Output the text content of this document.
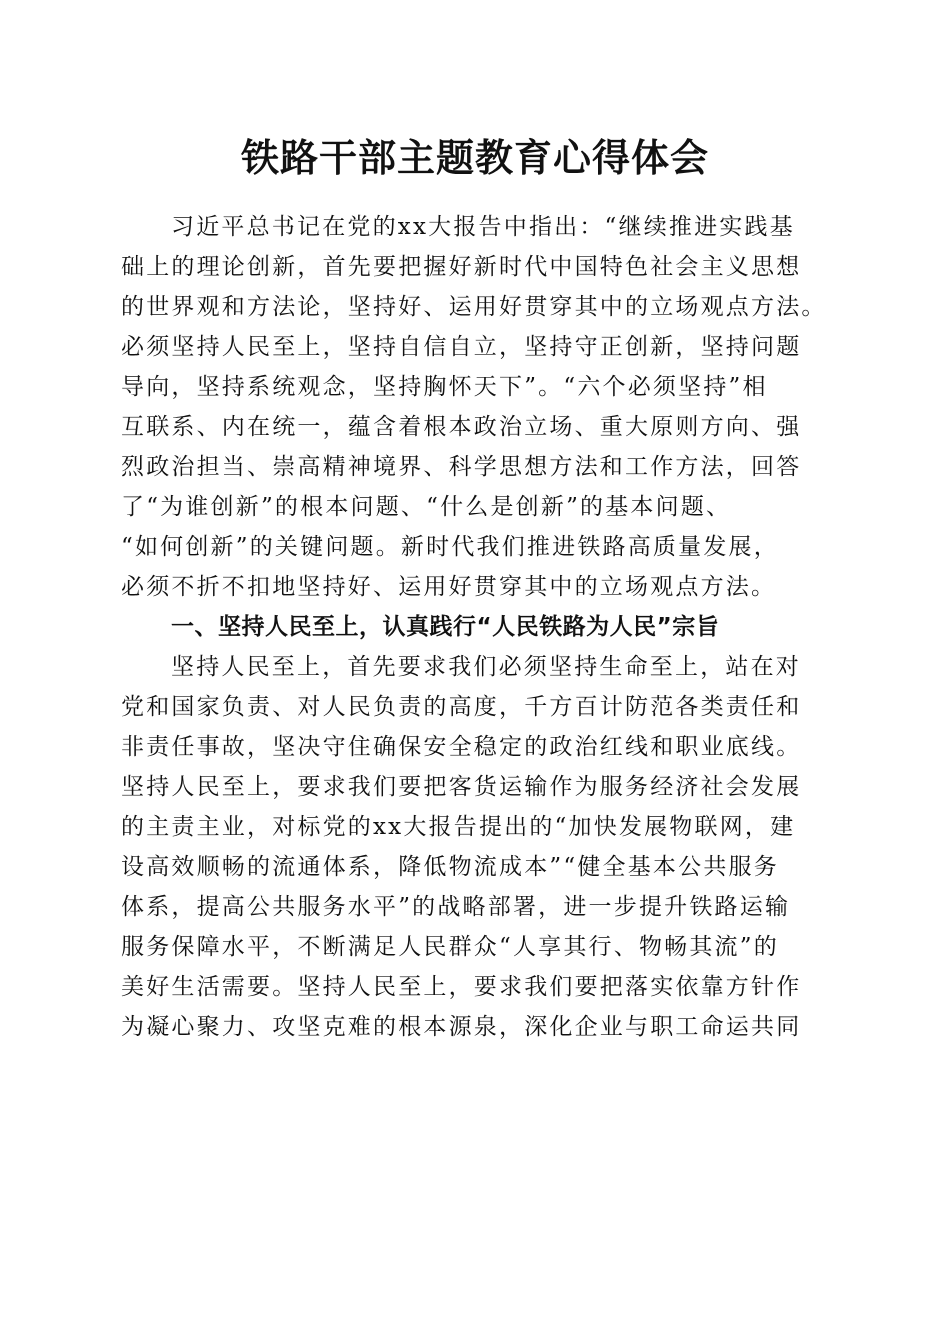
铁路干部主题教育心得体会
习近平总书记在党的xx大报告中指出：“继续推进实践基
础上的理论创新，首先要把握好新时代中国特色社会主义思想
的世界观和方法论，坚持好、运用好贯穿其中的立场观点方法。
必须坚持人民至上，坚持自信自立，坚持守正创新，坚持问题
导向，坚持系统观念，坚持胸怀天下”。“六个必须坚持”相
互联系、内在统一，蕴含着根本政治立场、重大原则方向、强
烈政治担当、崇高精神境界、科学思想方法和工作方法，回答
了“为谁创新”的根本问题、“什么是创新”的基本问题、
“如何创新”的关键问题。新时代我们推进铁路高质量发展，
必须不折不扣地坚持好、运用好贯穿其中的立场观点方法。
一、坚持人民至上，认真践行“人民铁路为人民”宗旨
坚持人民至上，首先要求我们必须坚持生命至上，站在对
党和国家负责、对人民负责的高度，千方百计防范各类责任和
非责任事故，坚决守住确保安全稳定的政治红线和职业底线。
坚持人民至上，要求我们要把客货运输作为服务经济社会发展
的主责主业，对标党的xx大报告提出的“加快发展物联网，建
设高效顺畅的流通体系，降低物流成本”“健全基本公共服务
体系，提高公共服务水平”的战略部署，进一步提升铁路运输
服务保障水平，不断满足人民群众“人享其行、物畅其流”的
美好生活需要。坚持人民至上，要求我们要把落实依靠方针作
为凝心聚力、攻坚克难的根本源泉，深化企业与职工命运共同
